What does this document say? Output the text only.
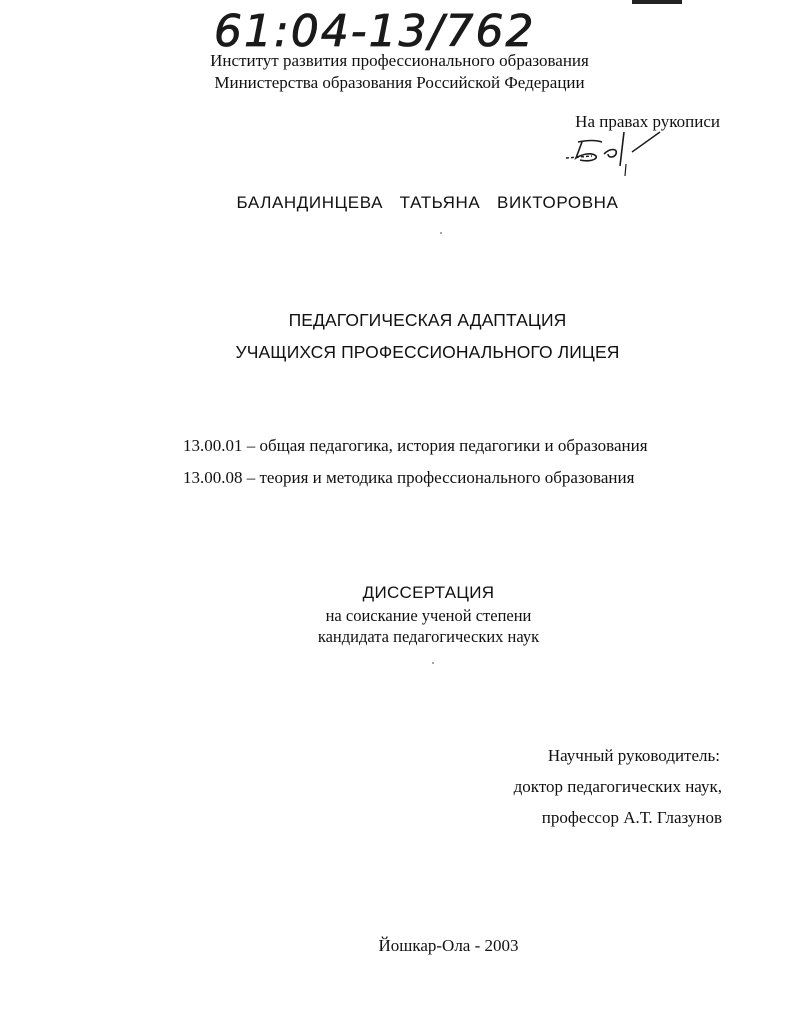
61:04-13/762
Институт развития профессионального образования
Министерства образования Российской Федерации
На правах рукописи
БАЛАНДИНЦЕВА  ТАТЬЯНА  ВИКТОРОВНА
ПЕДАГОГИЧЕСКАЯ АДАПТАЦИЯ
УЧАЩИХСЯ ПРОФЕССИОНАЛЬНОГО ЛИЦЕЯ
13.00.01 – общая педагогика, история педагогики и образования
13.00.08 – теория и методика профессионального образования
ДИССЕРТАЦИЯ
на соискание ученой степени
кандидата педагогических наук
Научный руководитель:
доктор педагогических наук,
профессор А.Т. Глазунов
Йошкар-Ола - 2003
